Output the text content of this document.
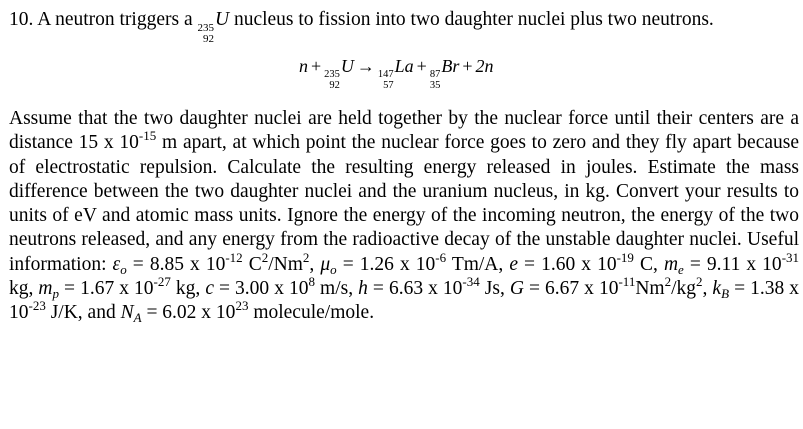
10. A neutron triggers a 235
92
U nucleus to fission into two daughter nuclei plus two neutrons.

n + 235
92
U → 147
57
La + 87
35
Br + 2n

Assume that the two daughter nuclei are held together by the nuclear force until their centers are a distance 15 x $10^{-15}$ m apart, at which point the nuclear force goes to zero and they fly apart because of electrostatic repulsion. Calculate the resulting energy released in joules. Estimate the mass difference between the two daughter nuclei and the uranium nucleus, in kg. Convert your results to units of eV and atomic mass units. Ignore the energy of the incoming neutron, the energy of the two neutrons released, and any energy from the radioactive decay of the unstable daughter nuclei. Useful information: $\varepsilon_o = 8.85$ x $10^{-12}$ $C^2/Nm^2$, $\mu_o = 1.26$ x $10^{-6}$ Tm/A, e = 1.60 x $10^{-19}$ C, $m_e = 9.11$ x $10^{-31}$ kg, $m_p = 1.67$ x $10^{-27}$ kg, c = 3.00 x $10^8$ m/s, h = 6.63 x $10^{-34}$ Js, G = 6.67 x $10^{-11}Nm^2/kg^2$, $k_B = 1.38$ x $10^{-23}$ J/K, and $N_A = 6.02$ x $10^{23}$ molecule/mole.
